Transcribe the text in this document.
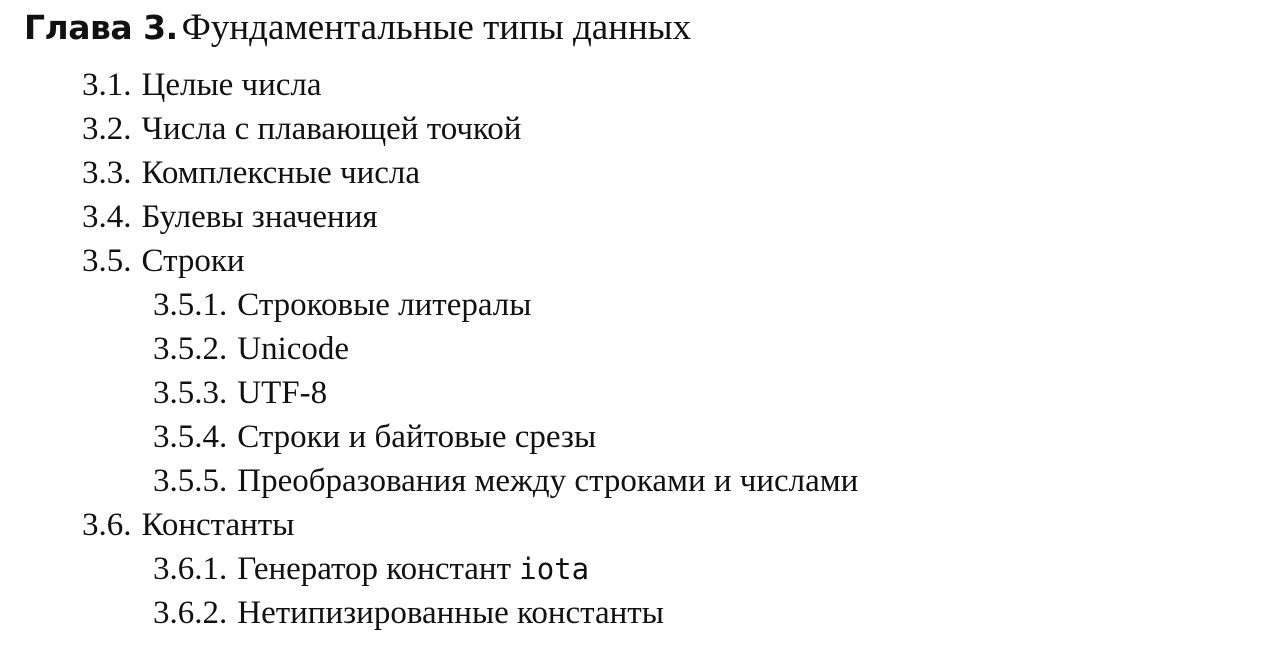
Глава 3. Фундаментальные типы данных
3.1. Целые числа
3.2. Числа с плавающей точкой
3.3. Комплексные числа
3.4. Булевы значения
3.5. Строки
3.5.1. Строковые литералы
3.5.2. Unicode
3.5.3. UTF-8
3.5.4. Строки и байтовые срезы
3.5.5. Преобразования между строками и числами
3.6. Константы
3.6.1. Генератор констант iota
3.6.2. Нетипизированные константы
